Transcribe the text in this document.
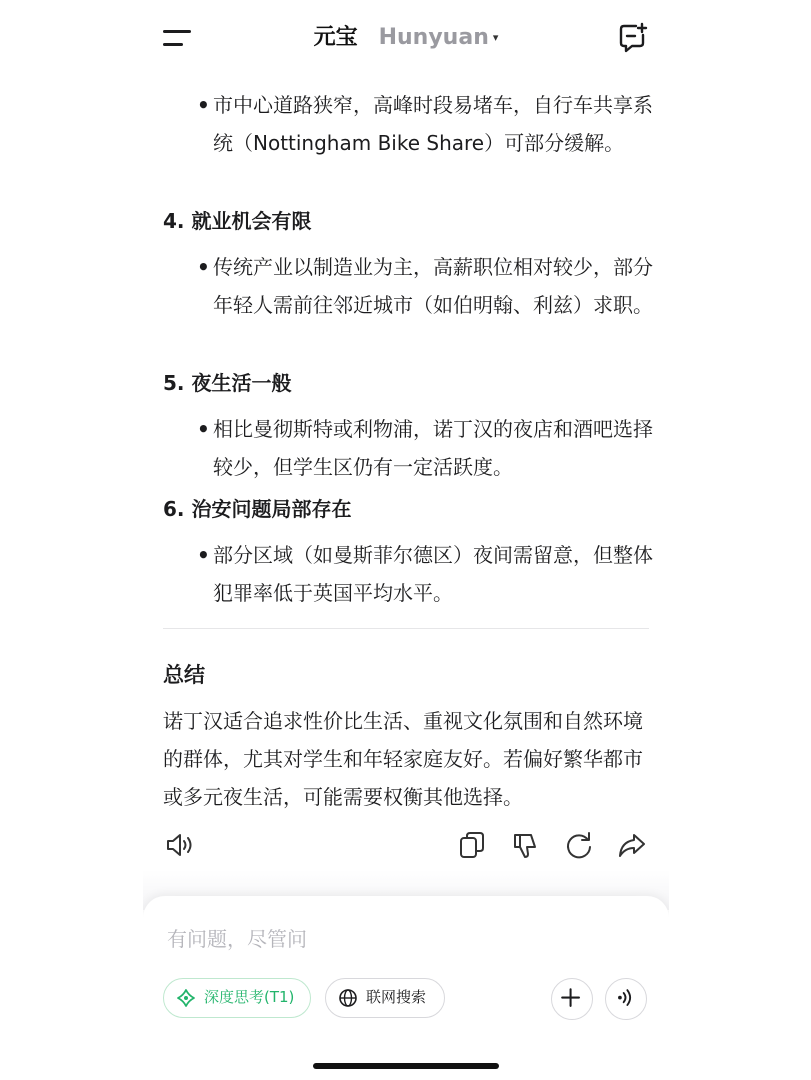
• 市中心道路狭窄，高峰时段易堵车，自行车共享系统（Nottingham Bike Share）可部分缓解。
4. 就业机会有限
• 传统产业以制造业为主，高薪职位相对较少，部分年轻人需前往邻近城市（如伯明翰、利兹）求职。
5. 夜生活一般
• 相比曼彻斯特或利物浦，诺丁汉的夜店和酒吧选择较少，但学生区仍有一定活跃度。
6. 治安问题局部存在
• 部分区域（如曼斯菲尔德区）夜间需留意，但整体犯罪率低于英国平均水平。
总结
诺丁汉适合追求性价比生活、重视文化氛围和自然环境的群体，尤其对学生和年轻家庭友好。若偏好繁华都市或多元夜生活，可能需要权衡其他选择。
元宝 Hunyuan ▾
有问题，尽管问
深度思考(T1)	联网搜索
